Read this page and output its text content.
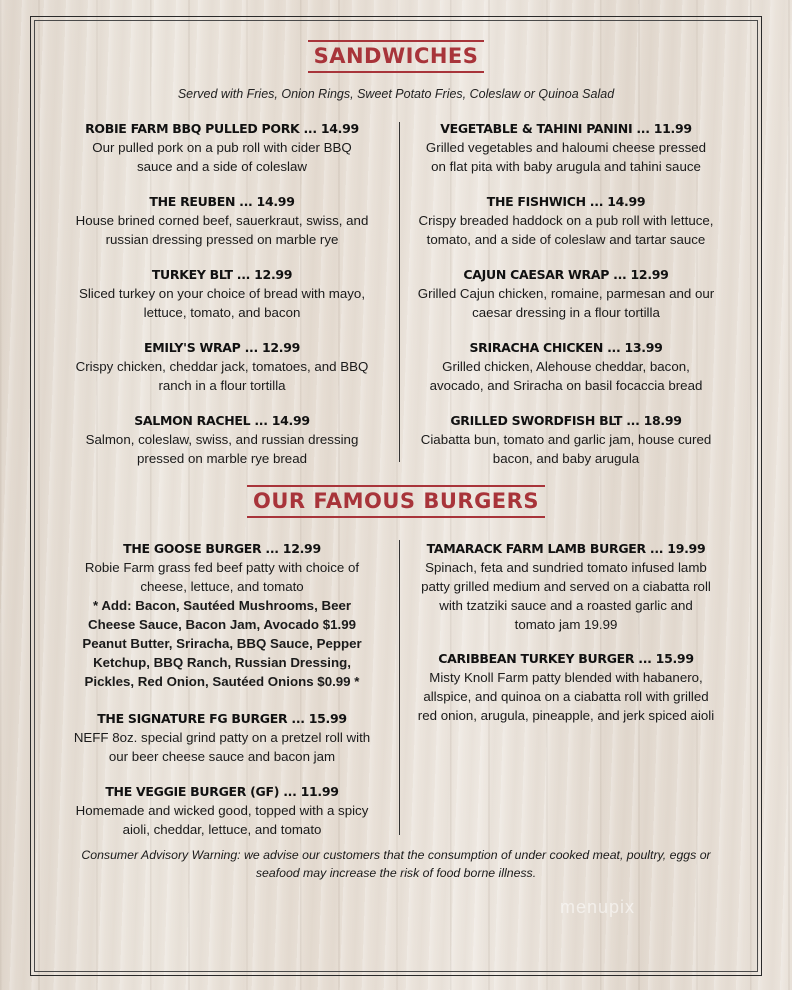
SANDWICHES
Served with Fries, Onion Rings, Sweet Potato Fries, Coleslaw or Quinoa Salad
ROBIE FARM BBQ PULLED PORK ... 14.99
Our pulled pork on a pub roll with cider BBQ
sauce and a side of coleslaw
THE REUBEN ... 14.99
House brined corned beef, sauerkraut, swiss, and
russian dressing pressed on marble rye
TURKEY BLT ... 12.99
Sliced turkey on your choice of bread with mayo,
lettuce, tomato, and bacon
EMILY'S WRAP ... 12.99
Crispy chicken, cheddar jack, tomatoes, and BBQ
ranch in a flour tortilla
SALMON RACHEL ... 14.99
Salmon, coleslaw, swiss, and russian dressing
pressed on marble rye bread
VEGETABLE & TAHINI PANINI ... 11.99
Grilled vegetables and haloumi cheese pressed
on flat pita with baby arugula and tahini sauce
THE FISHWICH ... 14.99
Crispy breaded haddock on a pub roll with lettuce,
tomato, and a side of coleslaw and tartar sauce
CAJUN CAESAR WRAP ... 12.99
Grilled Cajun chicken, romaine, parmesan and our
caesar dressing in a flour tortilla
SRIRACHA CHICKEN ... 13.99
Grilled chicken, Alehouse cheddar, bacon,
avocado, and Sriracha on basil focaccia bread
GRILLED SWORDFISH BLT ... 18.99
Ciabatta bun, tomato and garlic jam, house cured
bacon, and baby arugula
OUR FAMOUS BURGERS
THE GOOSE BURGER ... 12.99
Robie Farm grass fed beef patty with choice of
cheese, lettuce, and tomato
* Add: Bacon, Sautéed Mushrooms, Beer
Cheese Sauce, Bacon Jam, Avocado $1.99
Peanut Butter, Sriracha, BBQ Sauce, Pepper
Ketchup, BBQ Ranch, Russian Dressing,
Pickles, Red Onion, Sautéed Onions $0.99 *
THE SIGNATURE FG BURGER ... 15.99
NEFF 8oz. special grind patty on a pretzel roll with
our beer cheese sauce and bacon jam
THE VEGGIE BURGER (GF) ... 11.99
Homemade and wicked good, topped with a spicy
aioli, cheddar, lettuce, and tomato
TAMARACK FARM LAMB BURGER ... 19.99
Spinach, feta and sundried tomato infused lamb
patty grilled medium and served on a ciabatta roll
with tzatziki sauce and a roasted garlic and
tomato jam 19.99
CARIBBEAN TURKEY BURGER ... 15.99
Misty Knoll Farm patty blended with habanero,
allspice, and quinoa on a ciabatta roll with grilled
red onion, arugula, pineapple, and jerk spiced aioli
Consumer Advisory Warning: we advise our customers that the consumption of under cooked meat, poultry, eggs or
seafood may increase the risk of food borne illness.
menupix
